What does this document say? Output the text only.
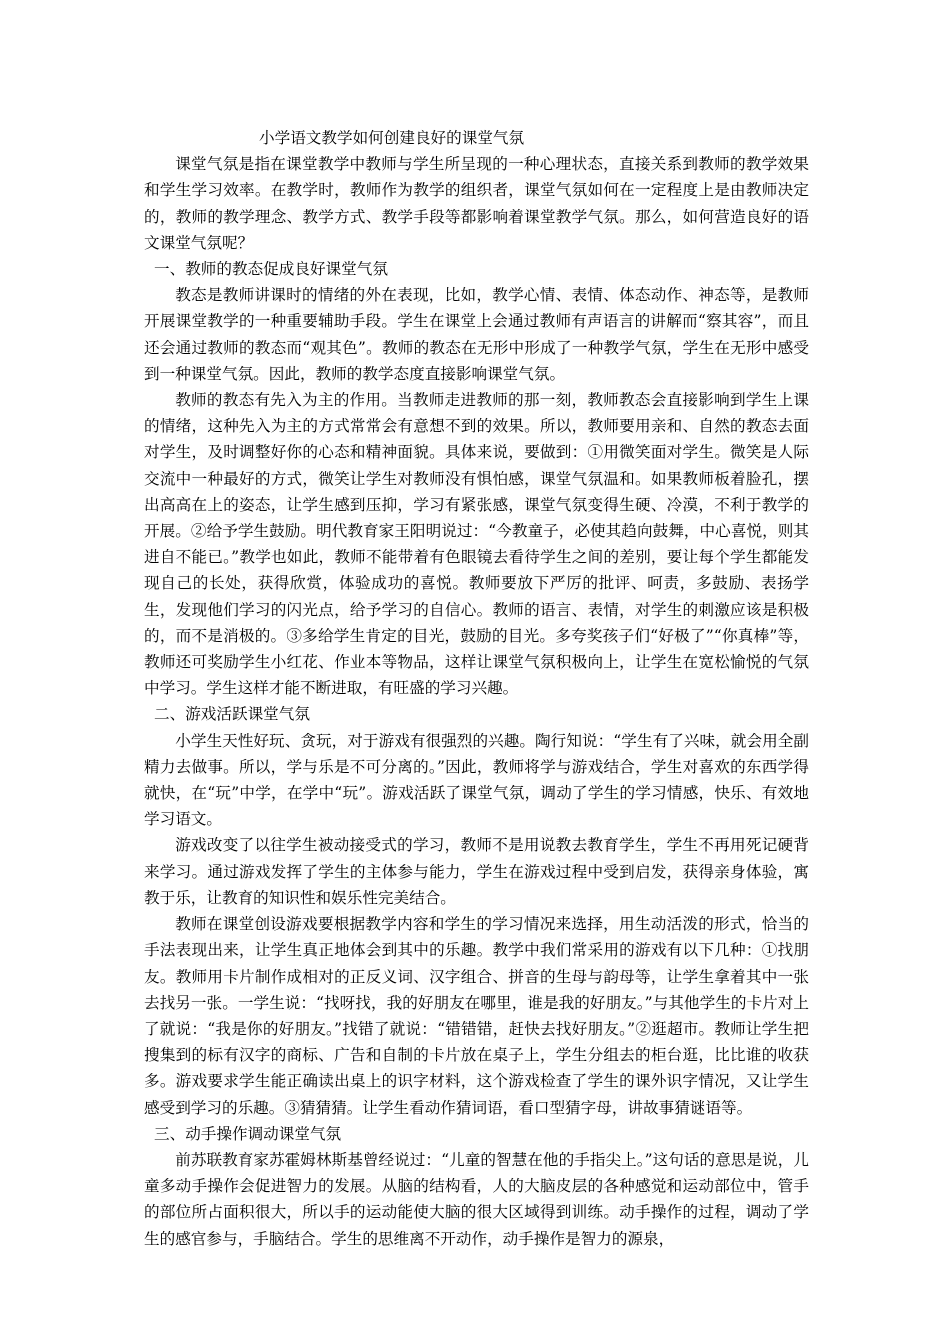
小学语文教学如何创建良好的课堂气氛

课堂气氛是指在课堂教学中教师与学生所呈现的一种心理状态，直接关系到教师的教学效果和学生学习效率。在教学时，教师作为教学的组织者，课堂气氛如何在一定程度上是由教师决定的，教师的教学理念、教学方式、教学手段等都影响着课堂教学气氛。那么，如何营造良好的语文课堂气氛呢？

一、教师的教态促成良好课堂气氛

教态是教师讲课时的情绪的外在表现，比如，教学心情、表情、体态动作、神态等，是教师开展课堂教学的一种重要辅助手段。学生在课堂上会通过教师有声语言的讲解而“察其容”，而且还会通过教师的教态而“观其色”。教师的教态在无形中形成了一种教学气氛，学生在无形中感受到一种课堂气氛。因此，教师的教学态度直接影响课堂气氛。

教师的教态有先入为主的作用。当教师走进教师的那一刻，教师教态会直接影响到学生上课的情绪，这种先入为主的方式常常会有意想不到的效果。所以，教师要用亲和、自然的教态去面对学生，及时调整好你的心态和精神面貌。具体来说，要做到：①用微笑面对学生。微笑是人际交流中一种最好的方式，微笑让学生对教师没有惧怕感，课堂气氛温和。如果教师板着脸孔，摆出高高在上的姿态，让学生感到压抑，学习有紧张感，课堂气氛变得生硬、冷漠，不利于教学的开展。②给予学生鼓励。明代教育家王阳明说过：“今教童子，必使其趋向鼓舞，中心喜悦，则其进自不能已。”教学也如此，教师不能带着有色眼镜去看待学生之间的差别，要让每个学生都能发现自己的长处，获得欣赏，体验成功的喜悦。教师要放下严厉的批评、呵责，多鼓励、表扬学生，发现他们学习的闪光点，给予学习的自信心。教师的语言、表情，对学生的刺激应该是积极的，而不是消极的。③多给学生肯定的目光，鼓励的目光。多夸奖孩子们“好极了”“你真棒”等，教师还可奖励学生小红花、作业本等物品，这样让课堂气氛积极向上，让学生在宽松愉悦的气氛中学习。学生这样才能不断进取，有旺盛的学习兴趣。

二、游戏活跃课堂气氛

小学生天性好玩、贪玩，对于游戏有很强烈的兴趣。陶行知说：“学生有了兴味，就会用全副精力去做事。所以，学与乐是不可分离的。”因此，教师将学与游戏结合，学生对喜欢的东西学得就快，在“玩”中学，在学中“玩”。游戏活跃了课堂气氛，调动了学生的学习情感，快乐、有效地学习语文。

游戏改变了以往学生被动接受式的学习，教师不是用说教去教育学生，学生不再用死记硬背来学习。通过游戏发挥了学生的主体参与能力，学生在游戏过程中受到启发，获得亲身体验，寓教于乐，让教育的知识性和娱乐性完美结合。

教师在课堂创设游戏要根据教学内容和学生的学习情况来选择，用生动活泼的形式，恰当的手法表现出来，让学生真正地体会到其中的乐趣。教学中我们常采用的游戏有以下几种：①找朋友。教师用卡片制作成相对的正反义词、汉字组合、拼音的生母与韵母等，让学生拿着其中一张去找另一张。一学生说：“找呀找，我的好朋友在哪里，谁是我的好朋友。”与其他学生的卡片对上了就说：“我是你的好朋友。”找错了就说：“错错错，赶快去找好朋友。”②逛超市。教师让学生把搜集到的标有汉字的商标、广告和自制的卡片放在桌子上，学生分组去的柜台逛，比比谁的收获多。游戏要求学生能正确读出桌上的识字材料，这个游戏检查了学生的课外识字情况，又让学生感受到学习的乐趣。③猜猜猜。让学生看动作猜词语，看口型猜字母，讲故事猜谜语等。

三、动手操作调动课堂气氛

前苏联教育家苏霍姆林斯基曾经说过：“儿童的智慧在他的手指尖上。”这句话的意思是说，儿童多动手操作会促进智力的发展。从脑的结构看，人的大脑皮层的各种感觉和运动部位中，管手的部位所占面积很大，所以手的运动能使大脑的很大区域得到训练。动手操作的过程，调动了学生的感官参与，手脑结合。学生的思维离不开动作，动手操作是智力的源泉，
